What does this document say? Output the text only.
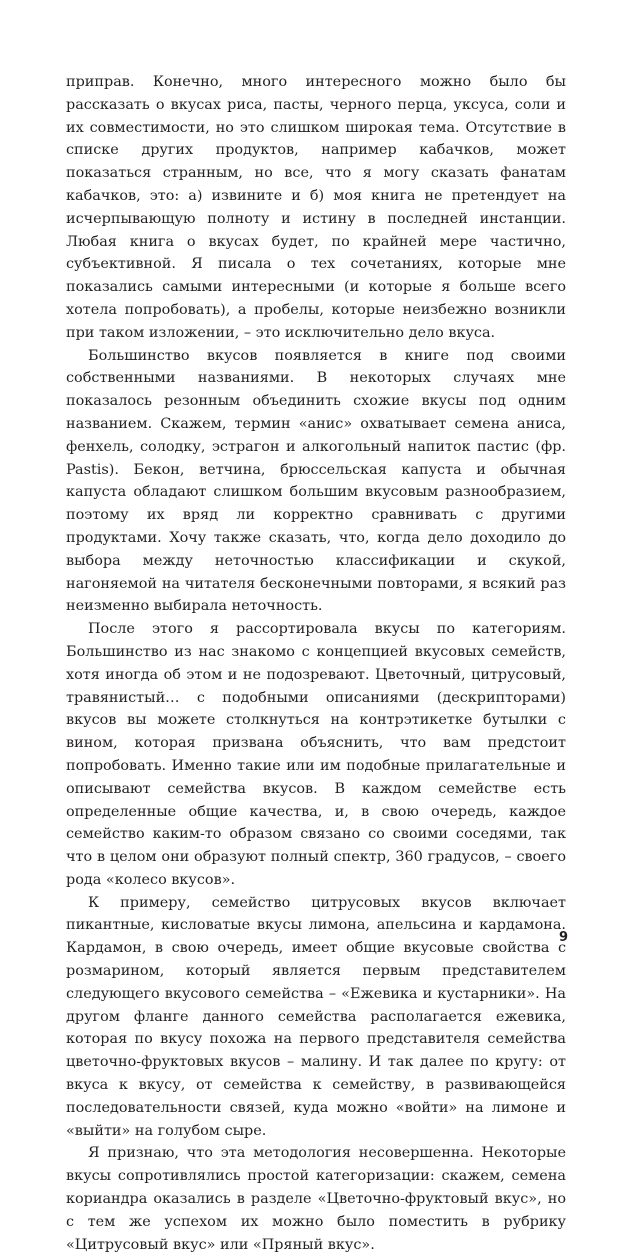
приправ. Конечно, много интересного можно было бы рассказать о вкусах риса, пасты, черного перца, уксуса, соли и их совместимости, но это слишком широкая тема. Отсутствие в списке других продуктов, например кабачков, может показаться странным, но все, что я могу сказать фанатам кабачков, это: а) извините и б) моя книга не претендует на исчерпывающую полноту и истину в последней инстанции. Любая книга о вкусах будет, по крайней мере частично, субъективной. Я писала о тех сочетаниях, которые мне показались самыми интересными (и которые я больше всего хотела попробовать), а пробелы, которые неизбежно возникли при таком изложении, – это исключительно дело вкуса.

Большинство вкусов появляется в книге под своими собственными названиями. В некоторых случаях мне показалось резонным объединить схожие вкусы под одним названием. Скажем, термин «анис» охватывает семена аниса, фенхель, солодку, эстрагон и алкогольный напиток пастис (фр. Pastis). Бекон, ветчина, брюссельская капуста и обычная капуста обладают слишком большим вкусовым разнообразием, поэтому их вряд ли корректно сравнивать с другими продуктами. Хочу также сказать, что, когда дело доходило до выбора между неточностью классификации и скукой, нагоняемой на читателя бесконечными повторами, я всякий раз неизменно выбирала неточность.

После этого я рассортировала вкусы по категориям. Большинство из нас знакомо с концепцией вкусовых семейств, хотя иногда об этом и не подозревают. Цветочный, цитрусовый, травянистый… с подобными описаниями (дескрипторами) вкусов вы можете столкнуться на контрэтикетке бутылки с вином, которая призвана объяснить, что вам предстоит попробовать. Именно такие или им подобные прилагательные и описывают семейства вкусов. В каждом семействе есть определенные общие качества, и, в свою очередь, каждое семейство каким-то образом связано со своими соседями, так что в целом они образуют полный спектр, 360 градусов, – своего рода «колесо вкусов».

К примеру, семейство цитрусовых вкусов включает пикантные, кисловатые вкусы лимона, апельсина и кардамона. Кардамон, в свою очередь, имеет общие вкусовые свойства с розмарином, который является первым представителем следующего вкусового семейства – «Ежевика и кустарники». На другом фланге данного семейства располагается ежевика, которая по вкусу похожа на первого представителя семейства цветочно-фруктовых вкусов – малину. И так далее по кругу: от вкуса к вкусу, от семейства к семейству, в развивающейся последовательности связей, куда можно «войти» на лимоне и «выйти» на голубом сыре.

Я признаю, что эта методология несовершенна. Некоторые вкусы сопротивлялись простой категоризации: скажем, семена кориандра оказались в разделе «Цветочно-фруктовый вкус», но с тем же успехом их можно было поместить в рубрику «Цитрусовый вкус» или «Пряный вкус».

9
